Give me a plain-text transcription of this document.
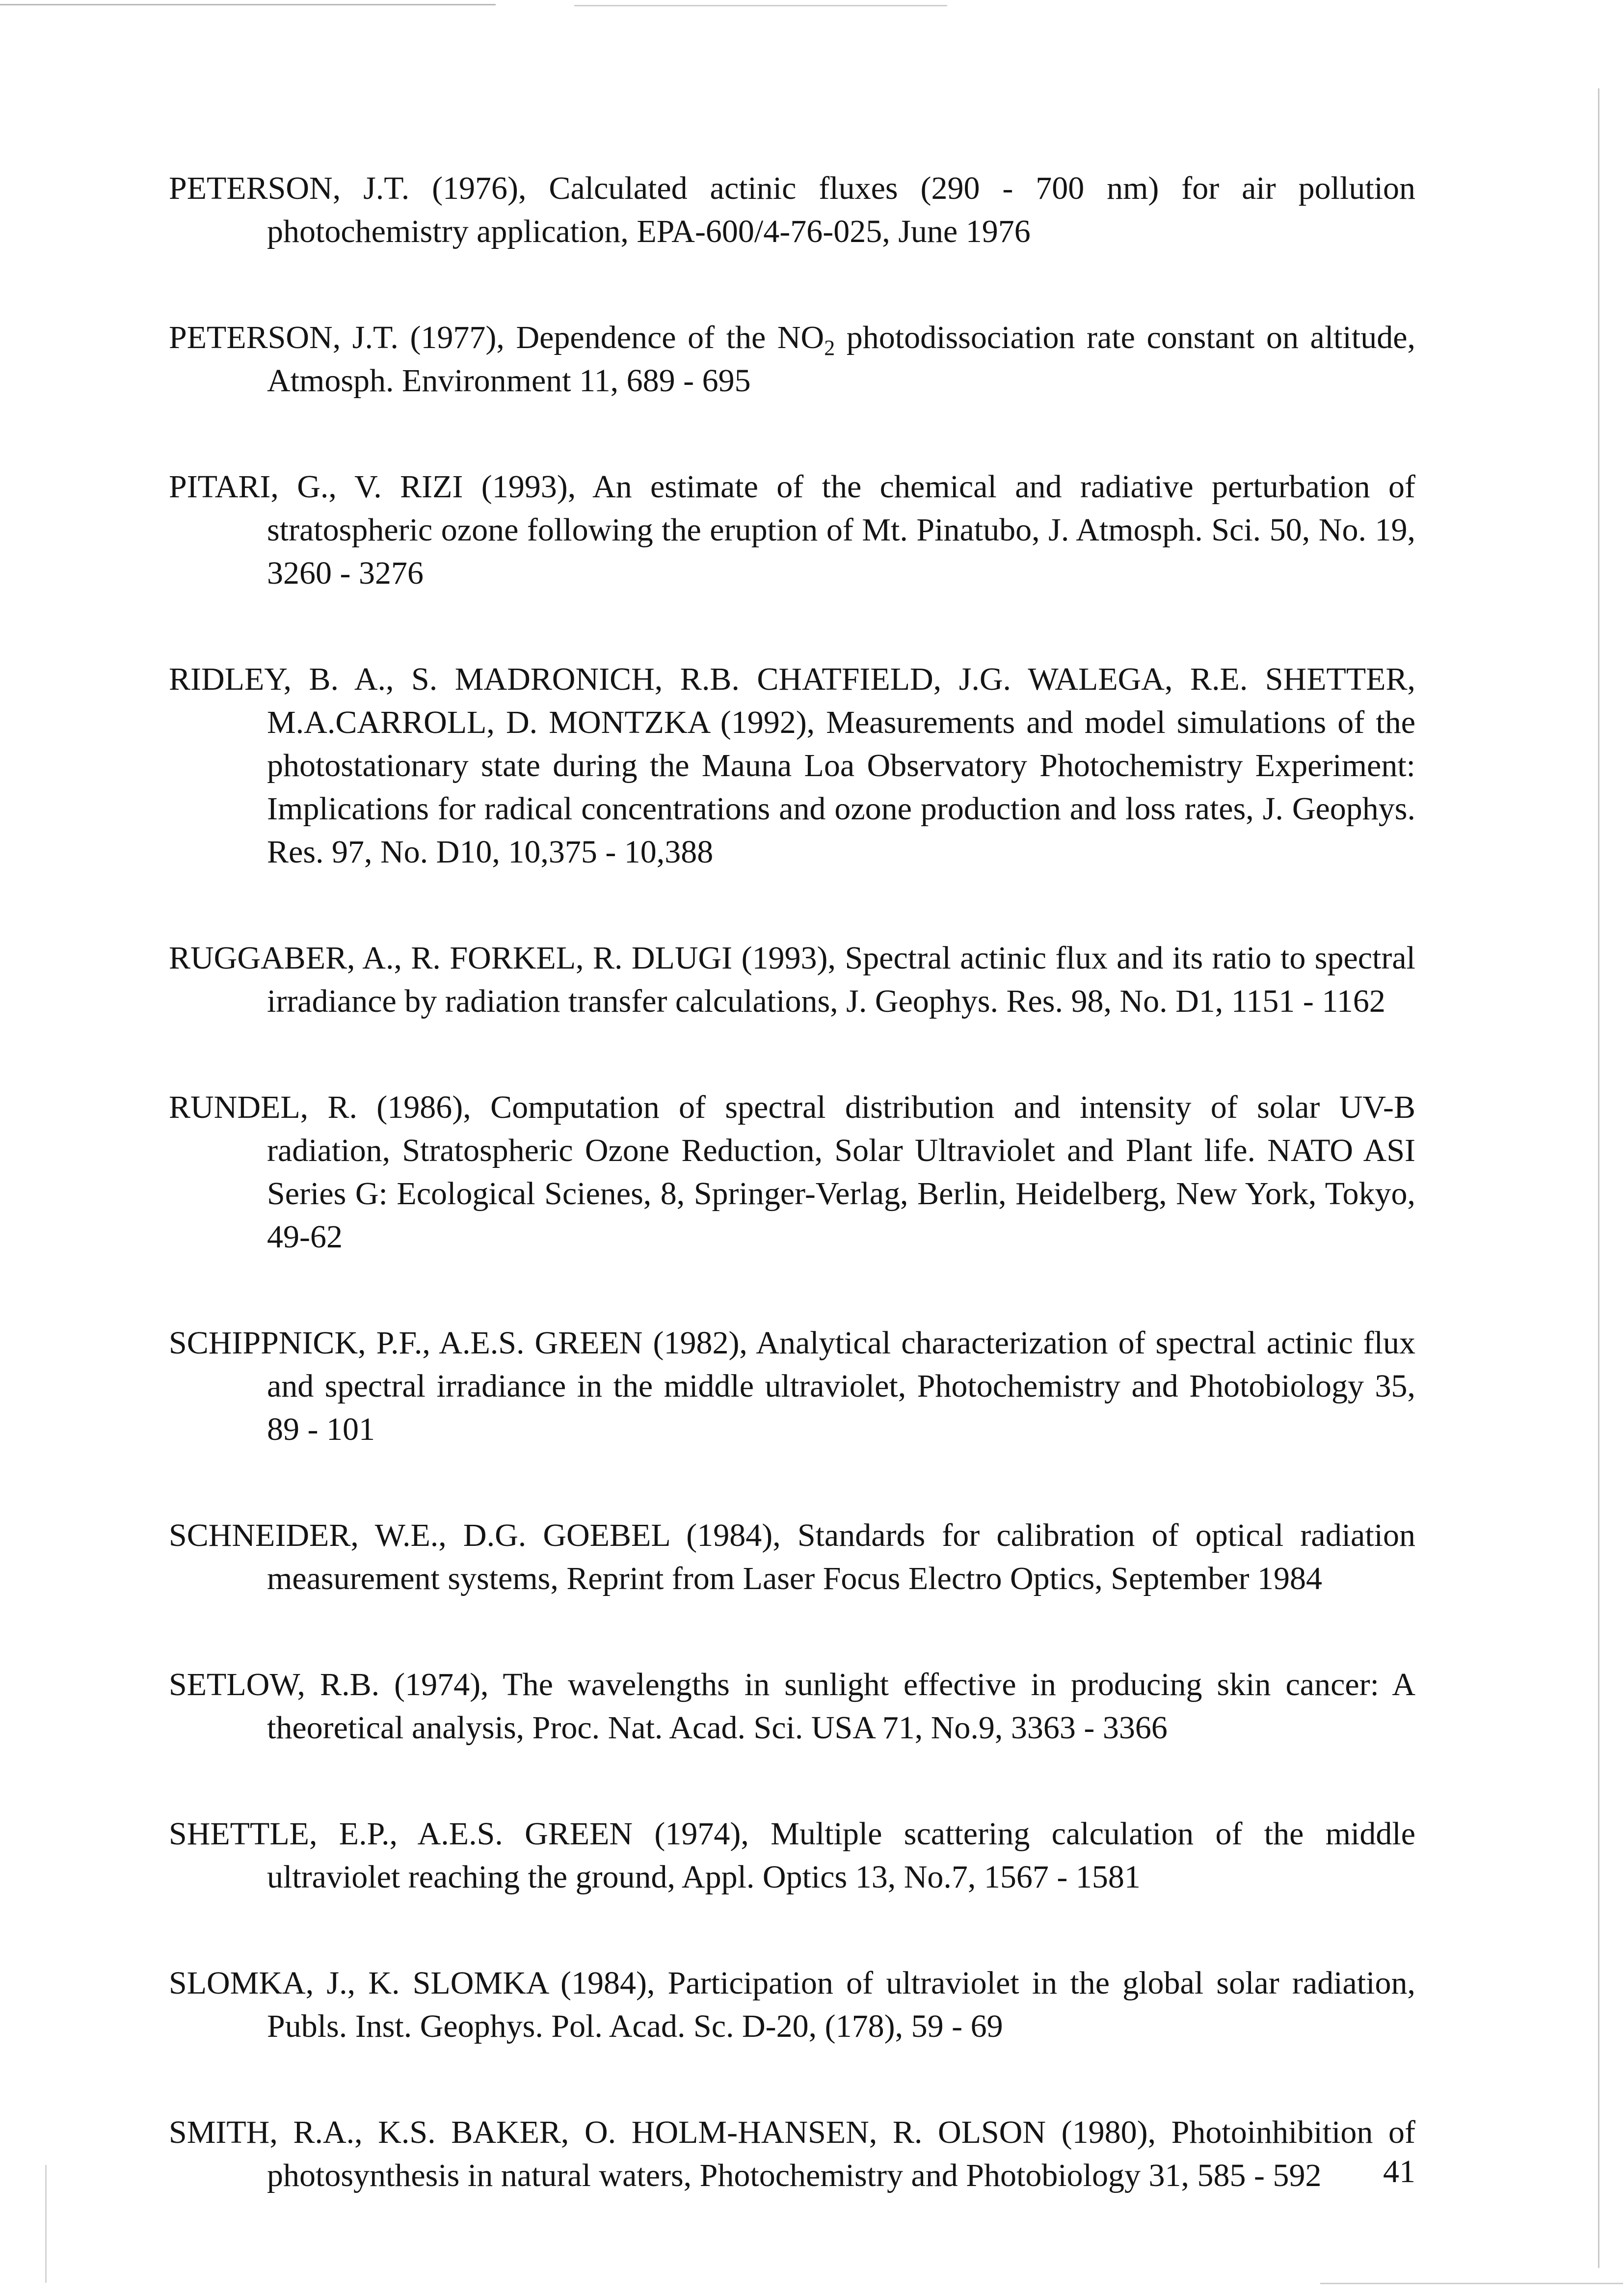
PETERSON, J.T. (1976), Calculated actinic fluxes (290 - 700 nm) for air pollution photochemistry application, EPA-600/4-76-025, June 1976

PETERSON, J.T. (1977), Dependence of the $NO_2$ photodissociation rate constant on altitude, Atmosph. Environment 11, 689 - 695

PITARI, G., V. RIZI (1993), An estimate of the chemical and radiative perturbation of stratospheric ozone following the eruption of Mt. Pinatubo, J. Atmosph. Sci. 50, No. 19, 3260 - 3276

RIDLEY, B. A., S. MADRONICH, R.B. CHATFIELD, J.G. WALEGA, R.E. SHETTER, M.A.CARROLL, D. MONTZKA (1992), Measurements and model simulations of the photostationary state during the Mauna Loa Observatory Photochemistry Experiment: Implications for radical concentrations and ozone production and loss rates, J. Geophys. Res. 97, No. D10, 10,375 - 10,388

RUGGABER, A., R. FORKEL, R. DLUGI (1993), Spectral actinic flux and its ratio to spectral irradiance by radiation transfer calculations, J. Geophys. Res. 98, No. D1, 1151 - 1162

RUNDEL, R. (1986), Computation of spectral distribution and intensity of solar UV-B radiation, Stratospheric Ozone Reduction, Solar Ultraviolet and Plant life. NATO ASI Series G: Ecological Scienes, 8, Springer-Verlag, Berlin, Heidelberg, New York, Tokyo, 49-62

SCHIPPNICK, P.F., A.E.S. GREEN (1982), Analytical characterization of spectral actinic flux and spectral irradiance in the middle ultraviolet, Photochemistry and Photobiology 35, 89 - 101

SCHNEIDER, W.E., D.G. GOEBEL (1984), Standards for calibration of optical radiation measurement systems, Reprint from Laser Focus Electro Optics, September 1984

SETLOW, R.B. (1974), The wavelengths in sunlight effective in producing skin cancer: A theoretical analysis, Proc. Nat. Acad. Sci. USA 71, No.9, 3363 - 3366

SHETTLE, E.P., A.E.S. GREEN (1974), Multiple scattering calculation of the middle ultraviolet reaching the ground, Appl. Optics 13, No.7, 1567 - 1581

SLOMKA, J., K. SLOMKA (1984), Participation of ultraviolet in the global solar radiation, Publs. Inst. Geophys. Pol. Acad. Sc. D-20, (178), 59 - 69

SMITH, R.A., K.S. BAKER, O. HOLM-HANSEN, R. OLSON (1980), Photoinhibition of photosynthesis in natural waters, Photochemistry and Photobiology 31, 585 - 592	41
